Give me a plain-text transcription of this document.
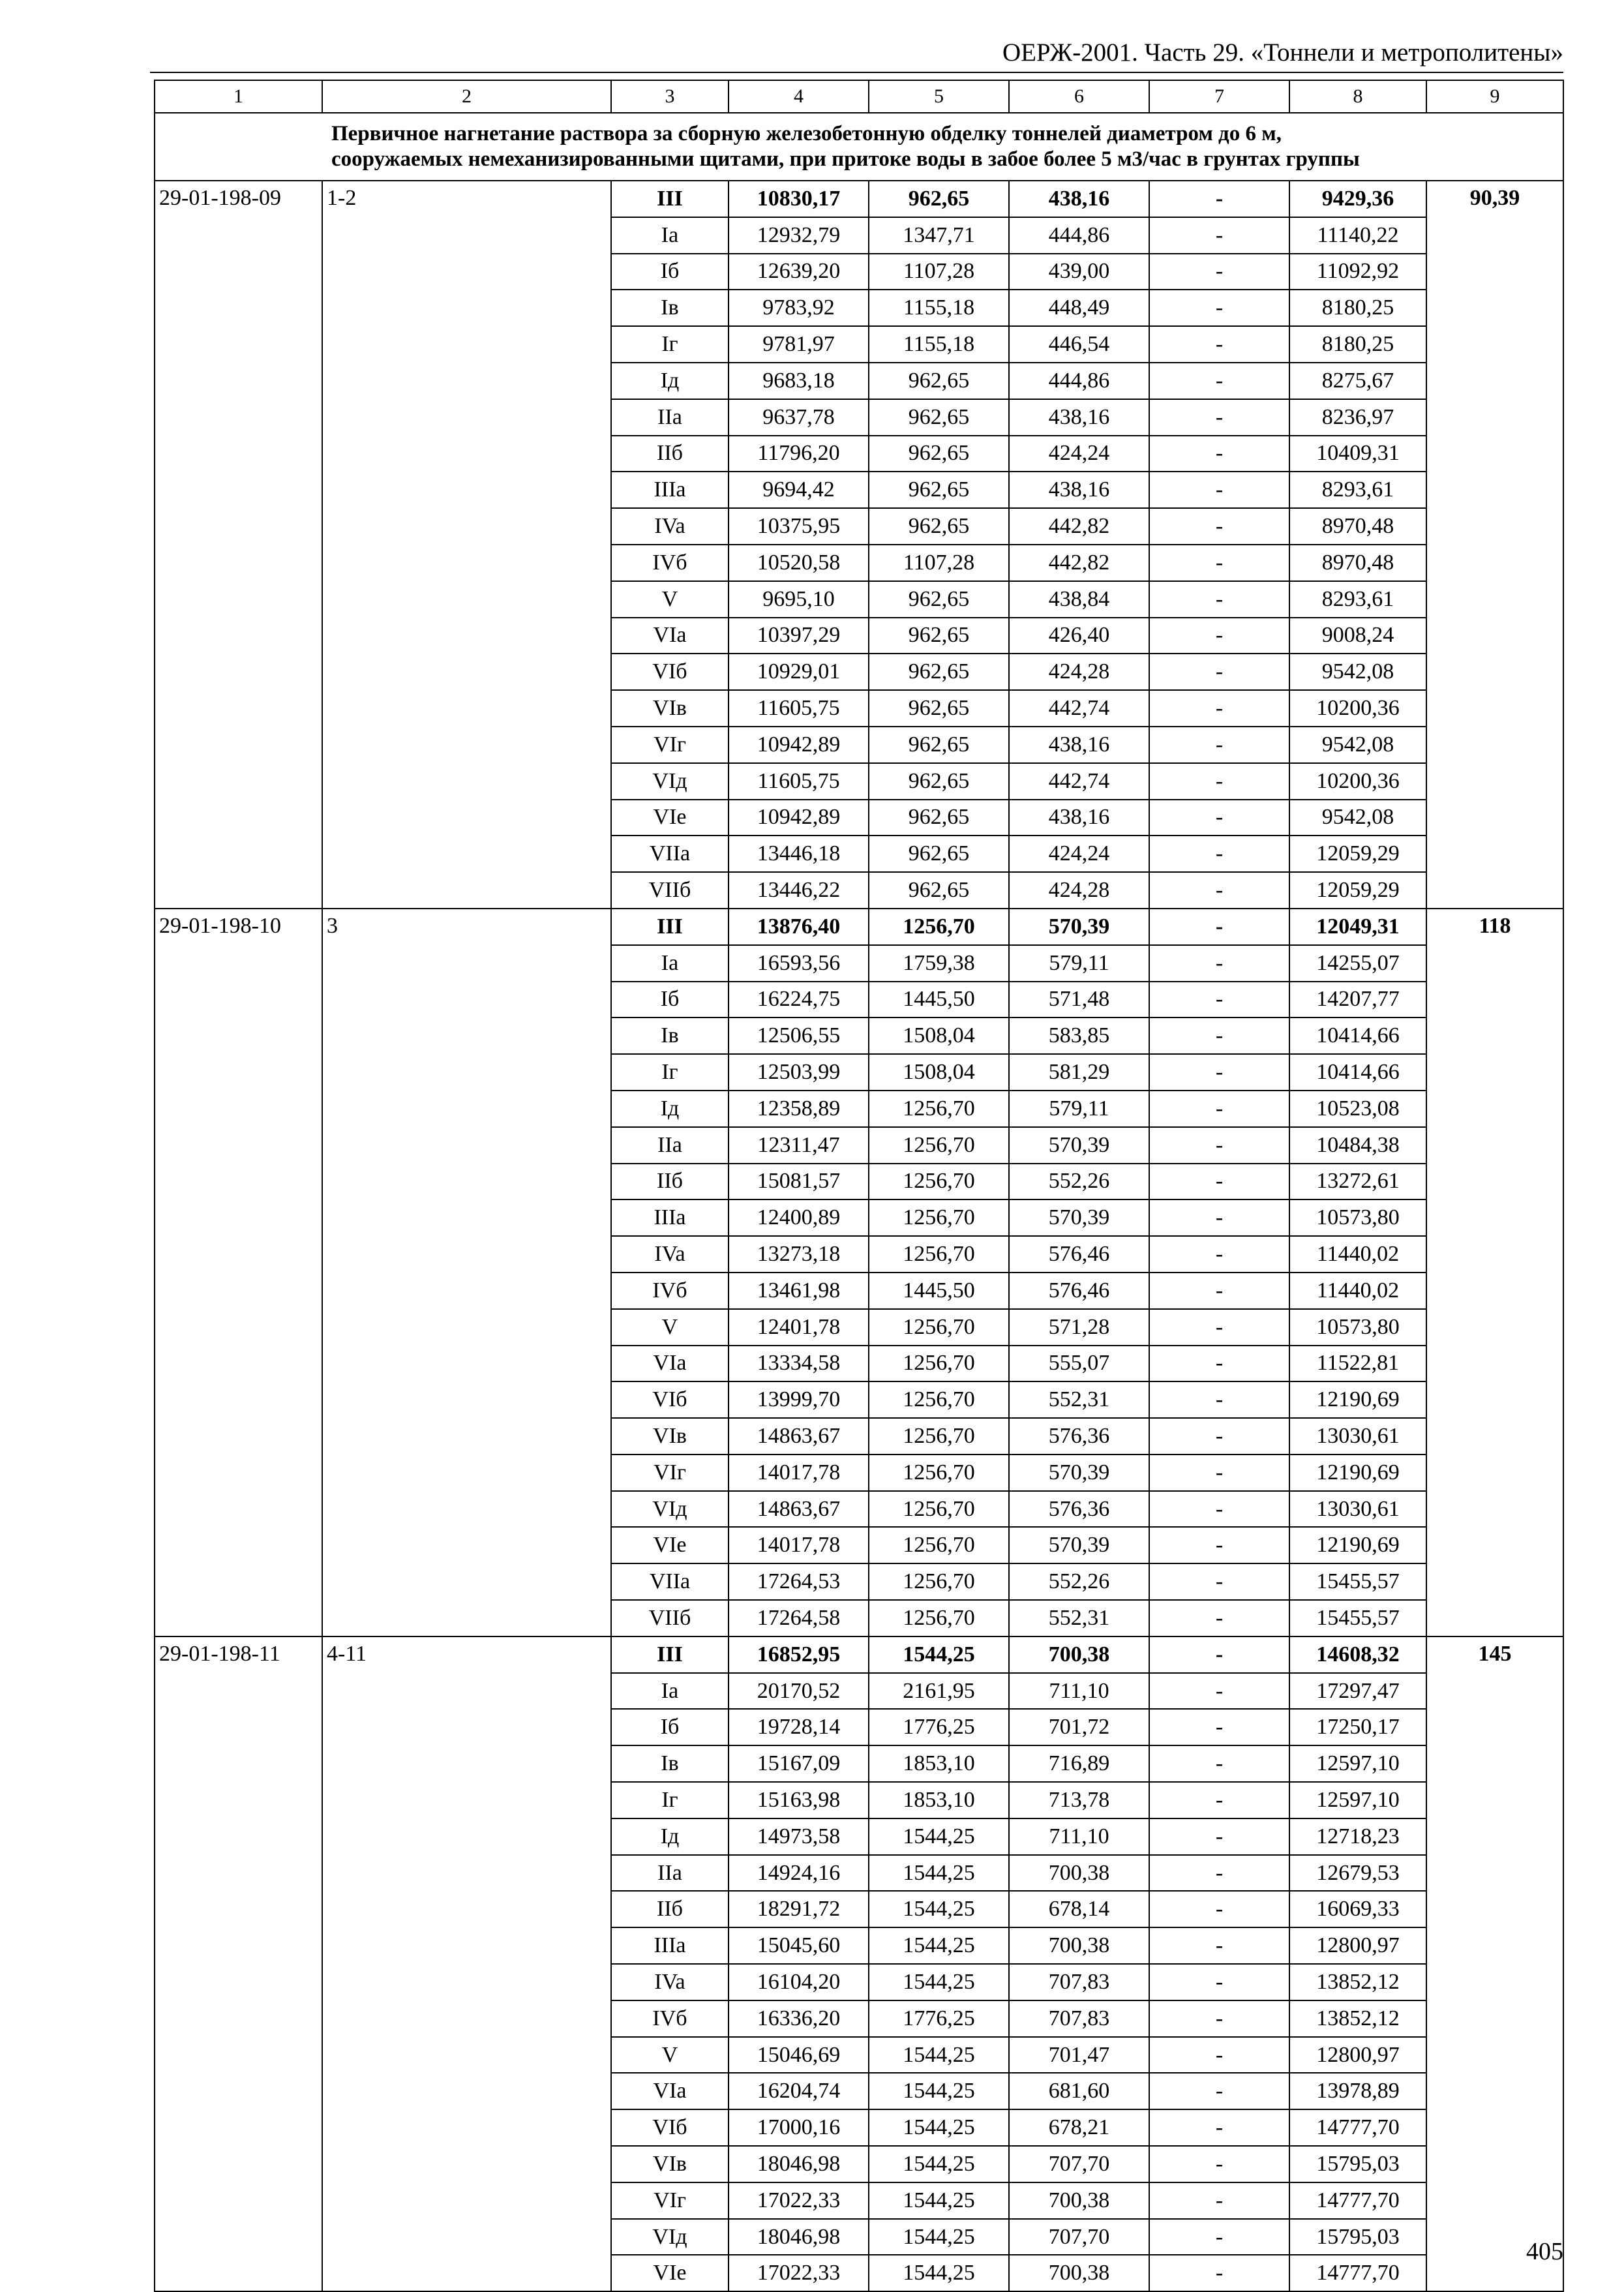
ОЕРЖ-2001. Часть 29. «Тоннели и метрополитены»
1	2	3	4	5	6	7	8	9

Первичное нагнетание раствора за сборную железобетонную обделку тоннелей диаметром до 6 м,
сооружаемых немеханизированными щитами, при притоке воды в забое более 5 м3/час в грунтах группы								

29-01-198-09	1-2	III	10830,17	962,65	438,16	-	9429,36	90,39
		Ia	12932,79	1347,71	444,86	-	11140,22	
		Iб	12639,20	1107,28	439,00	-	11092,92	
		Iв	9783,92	1155,18	448,49	-	8180,25	
		Iг	9781,97	1155,18	446,54	-	8180,25	
		Iд	9683,18	962,65	444,86	-	8275,67	
		IIa	9637,78	962,65	438,16	-	8236,97	
		IIб	11796,20	962,65	424,24	-	10409,31	
		IIIa	9694,42	962,65	438,16	-	8293,61	
		IVa	10375,95	962,65	442,82	-	8970,48	
		IVб	10520,58	1107,28	442,82	-	8970,48	
		V	9695,10	962,65	438,84	-	8293,61	
		VIa	10397,29	962,65	426,40	-	9008,24	
		VIб	10929,01	962,65	424,28	-	9542,08	
		VIв	11605,75	962,65	442,74	-	10200,36	
		VIг	10942,89	962,65	438,16	-	9542,08	
		VIд	11605,75	962,65	442,74	-	10200,36	
		VIe	10942,89	962,65	438,16	-	9542,08	
		VIIa	13446,18	962,65	424,24	-	12059,29	
		VIIб	13446,22	962,65	424,28	-	12059,29	
29-01-198-10	3	III	13876,40	1256,70	570,39	-	12049,31	118
		Ia	16593,56	1759,38	579,11	-	14255,07	
		Iб	16224,75	1445,50	571,48	-	14207,77	
		Iв	12506,55	1508,04	583,85	-	10414,66	
		Iг	12503,99	1508,04	581,29	-	10414,66	
		Iд	12358,89	1256,70	579,11	-	10523,08	
		IIa	12311,47	1256,70	570,39	-	10484,38	
		IIб	15081,57	1256,70	552,26	-	13272,61	
		IIIa	12400,89	1256,70	570,39	-	10573,80	
		IVa	13273,18	1256,70	576,46	-	11440,02	
		IVб	13461,98	1445,50	576,46	-	11440,02	
		V	12401,78	1256,70	571,28	-	10573,80	
		VIa	13334,58	1256,70	555,07	-	11522,81	
		VIб	13999,70	1256,70	552,31	-	12190,69	
		VIв	14863,67	1256,70	576,36	-	13030,61	
		VIг	14017,78	1256,70	570,39	-	12190,69	
		VIд	14863,67	1256,70	576,36	-	13030,61	
		VIe	14017,78	1256,70	570,39	-	12190,69	
		VIIa	17264,53	1256,70	552,26	-	15455,57	
		VIIб	17264,58	1256,70	552,31	-	15455,57	
29-01-198-11	4-11	III	16852,95	1544,25	700,38	-	14608,32	145
		Ia	20170,52	2161,95	711,10	-	17297,47	
		Iб	19728,14	1776,25	701,72	-	17250,17	
		Iв	15167,09	1853,10	716,89	-	12597,10	
		Iг	15163,98	1853,10	713,78	-	12597,10	
		Iд	14973,58	1544,25	711,10	-	12718,23	
		IIa	14924,16	1544,25	700,38	-	12679,53	
		IIб	18291,72	1544,25	678,14	-	16069,33	
		IIIa	15045,60	1544,25	700,38	-	12800,97	
		IVa	16104,20	1544,25	707,83	-	13852,12	
		IVб	16336,20	1776,25	707,83	-	13852,12	
		V	15046,69	1544,25	701,47	-	12800,97	
		VIa	16204,74	1544,25	681,60	-	13978,89	
		VIб	17000,16	1544,25	678,21	-	14777,70	
		VIв	18046,98	1544,25	707,70	-	15795,03	
		VIг	17022,33	1544,25	700,38	-	14777,70	
		VIд	18046,98	1544,25	707,70	-	15795,03	
		VIe	17022,33	1544,25	700,38	-	14777,70	
405
